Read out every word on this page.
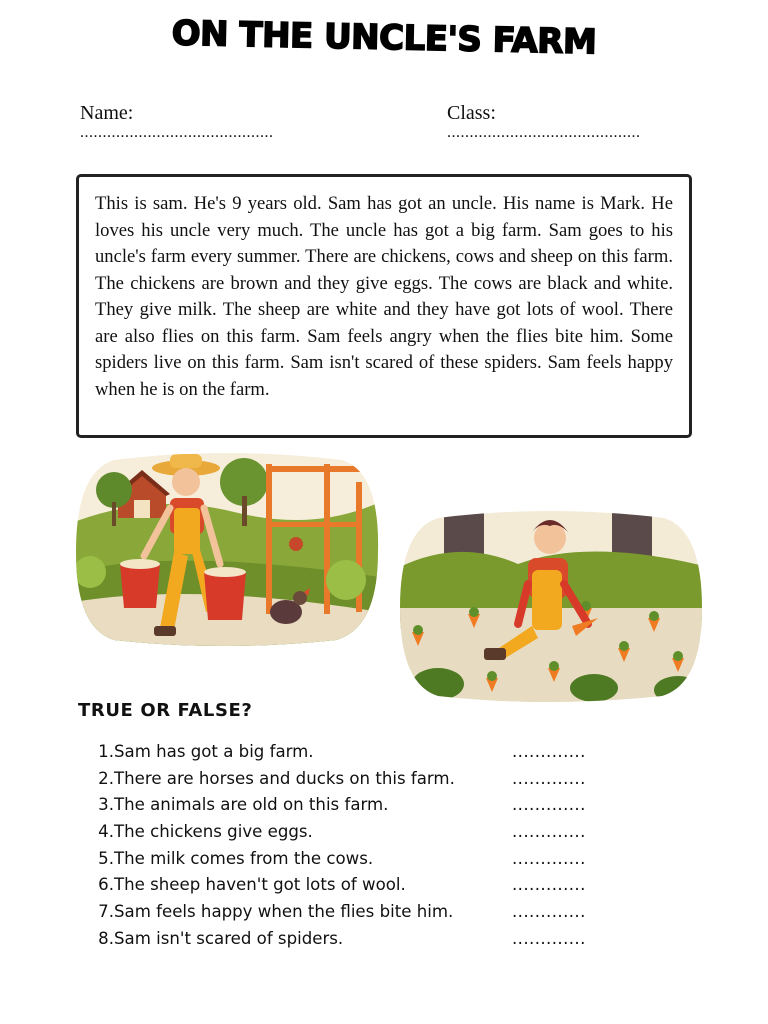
ON THE UNCLE'S FARM
Name:
...........................................
Class:
...........................................

This is sam. He's 9 years old. Sam has got an uncle. His name is Mark. He loves his uncle very much. The uncle has got a big farm. Sam goes to his uncle's farm every summer. There are chickens, cows and sheep on this farm. The chickens are brown and they give eggs. The cows are black and white. They give milk. The sheep are white and they have got lots of wool. There are also flies on this farm. Sam feels angry when the flies bite him. Some spiders live on this farm. Sam isn't scared of these spiders. Sam feels happy when he is on the farm.

TRUE OR FALSE?
1. Sam has got a big farm.	.............
2. There are horses and ducks on this farm.	.............
3. The animals are old on this farm.	.............
4. The chickens give eggs.	.............
5. The milk comes from the cows.	.............
6. The sheep haven't got lots of wool.	.............
7. Sam feels happy when the flies bite him.	.............
8. Sam isn't scared of spiders.	.............
